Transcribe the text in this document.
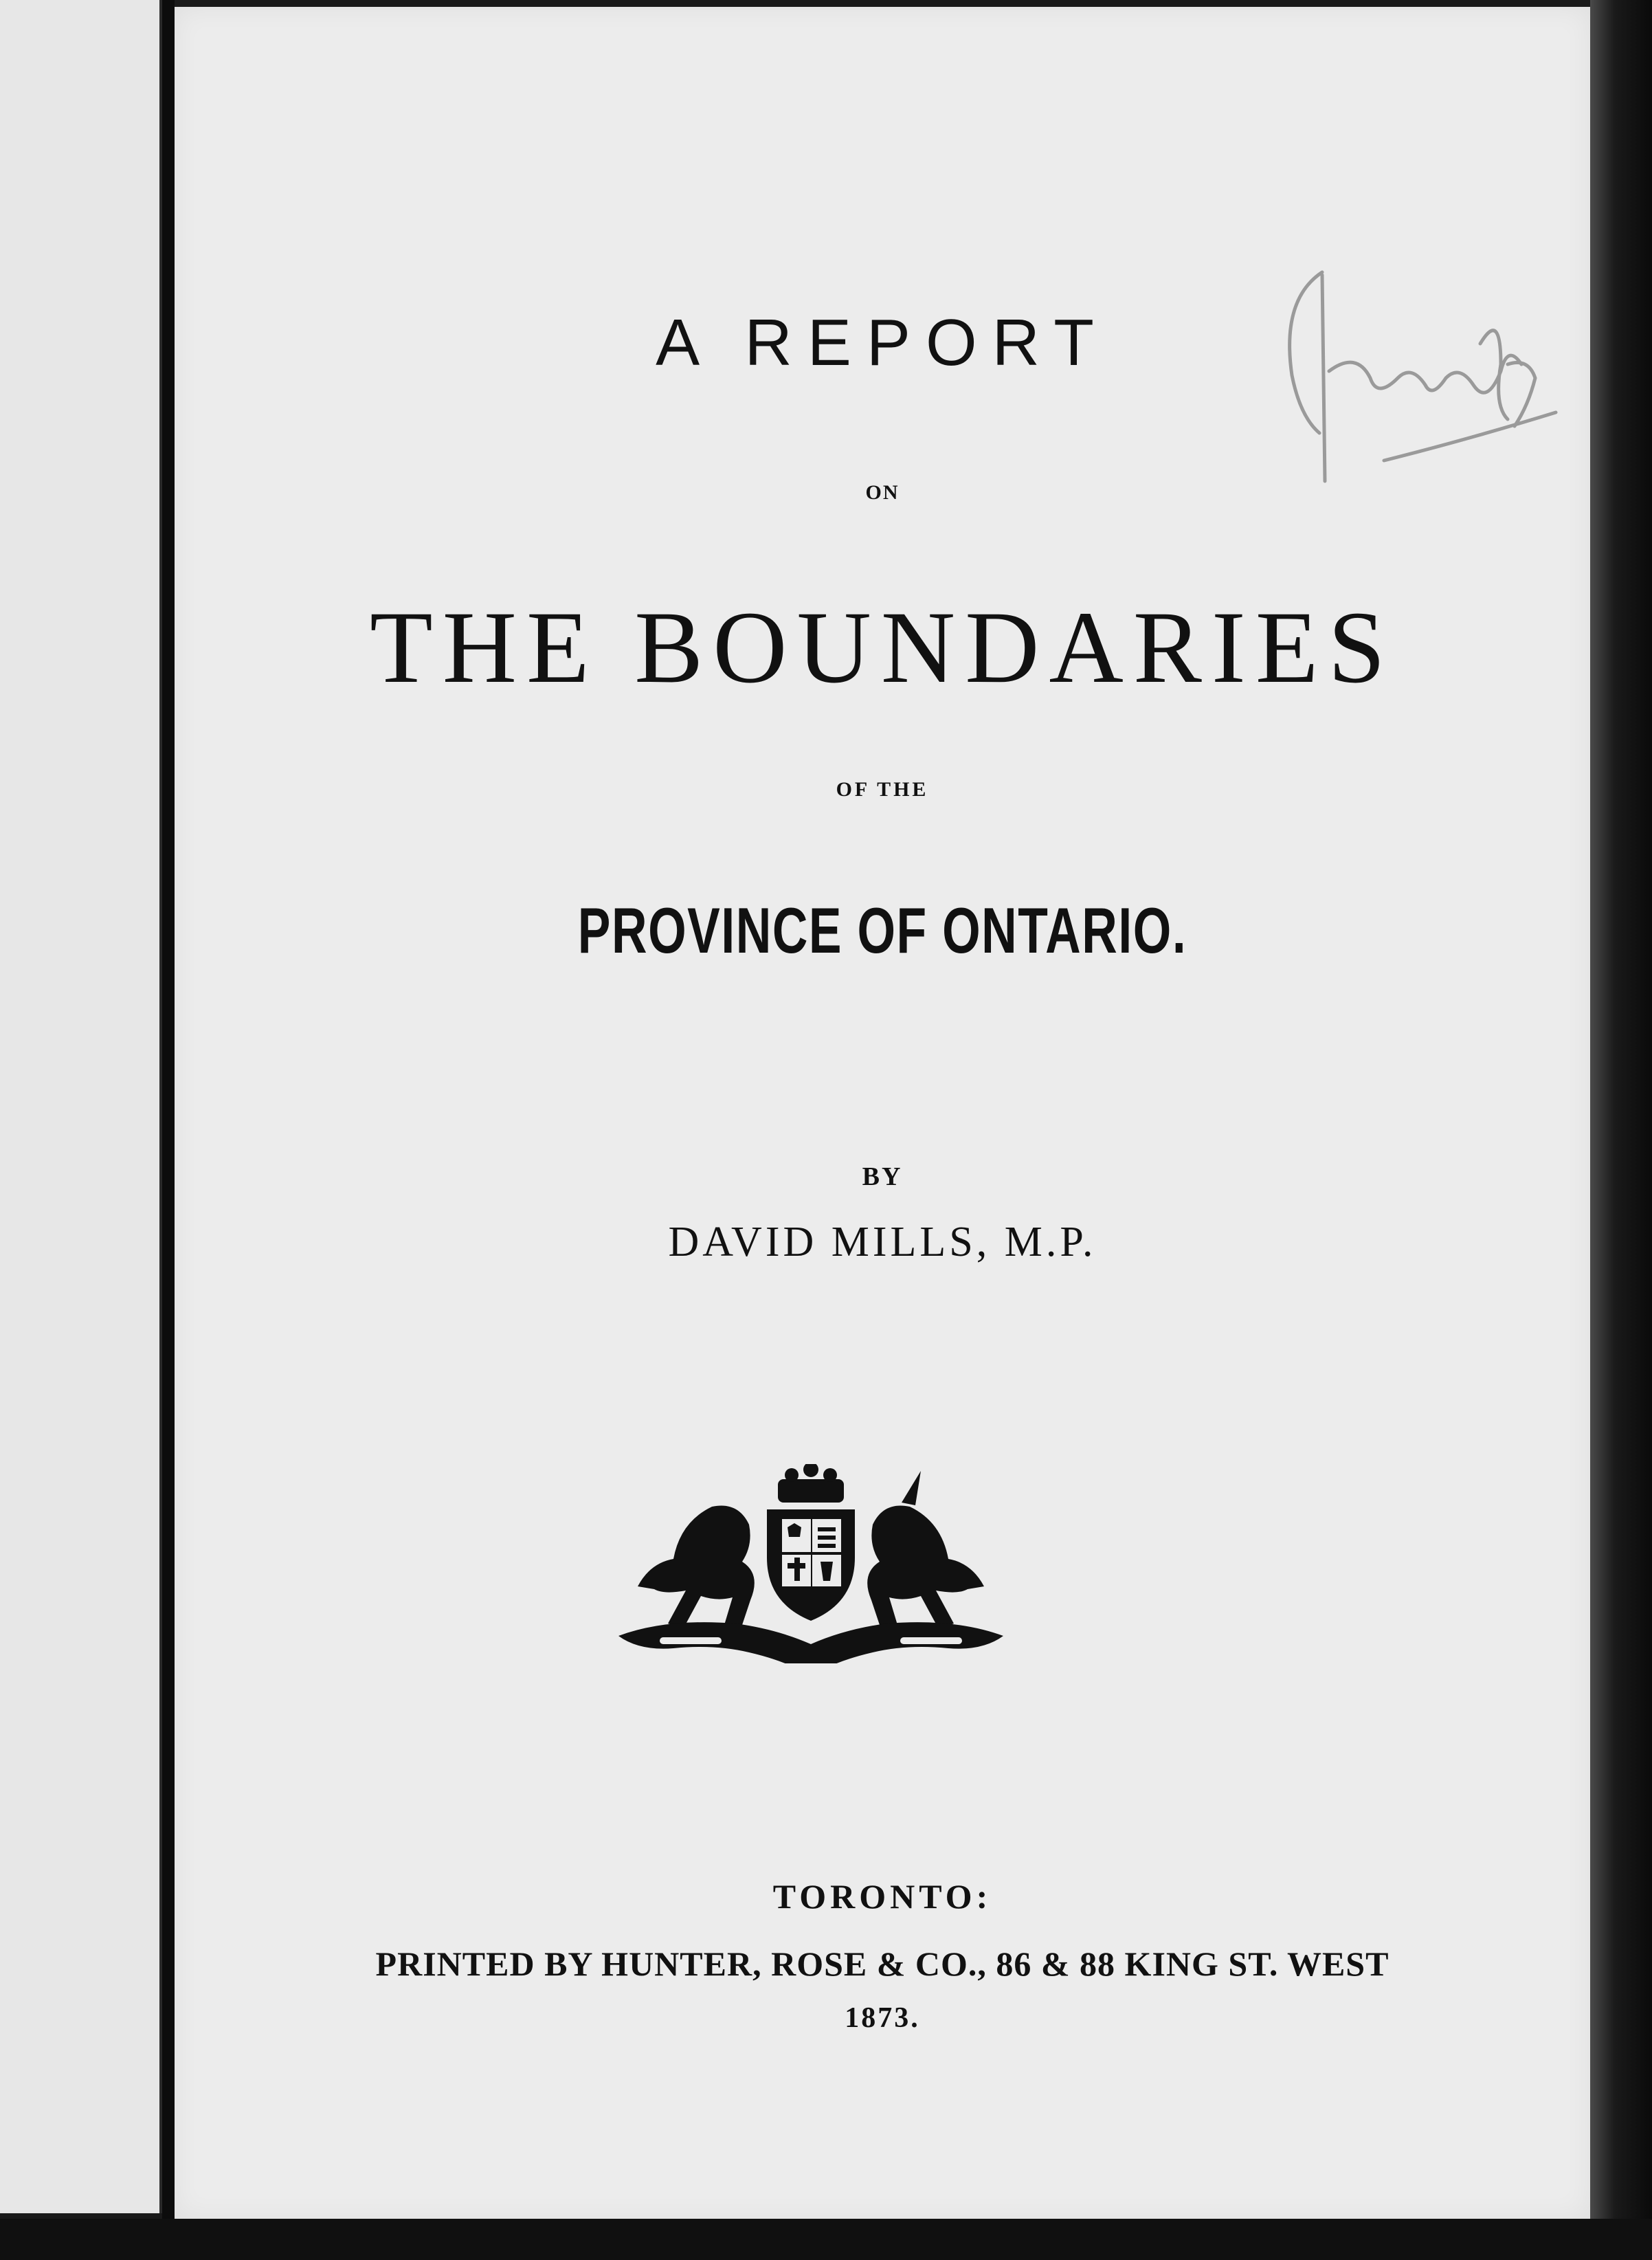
A REPORT
ON
THE BOUNDARIES
OF THE
PROVINCE OF ONTARIO.
BY
DAVID MILLS, M.P.
TORONTO:
PRINTED BY HUNTER, ROSE & CO., 86 & 88 KING ST. WEST
1873.
